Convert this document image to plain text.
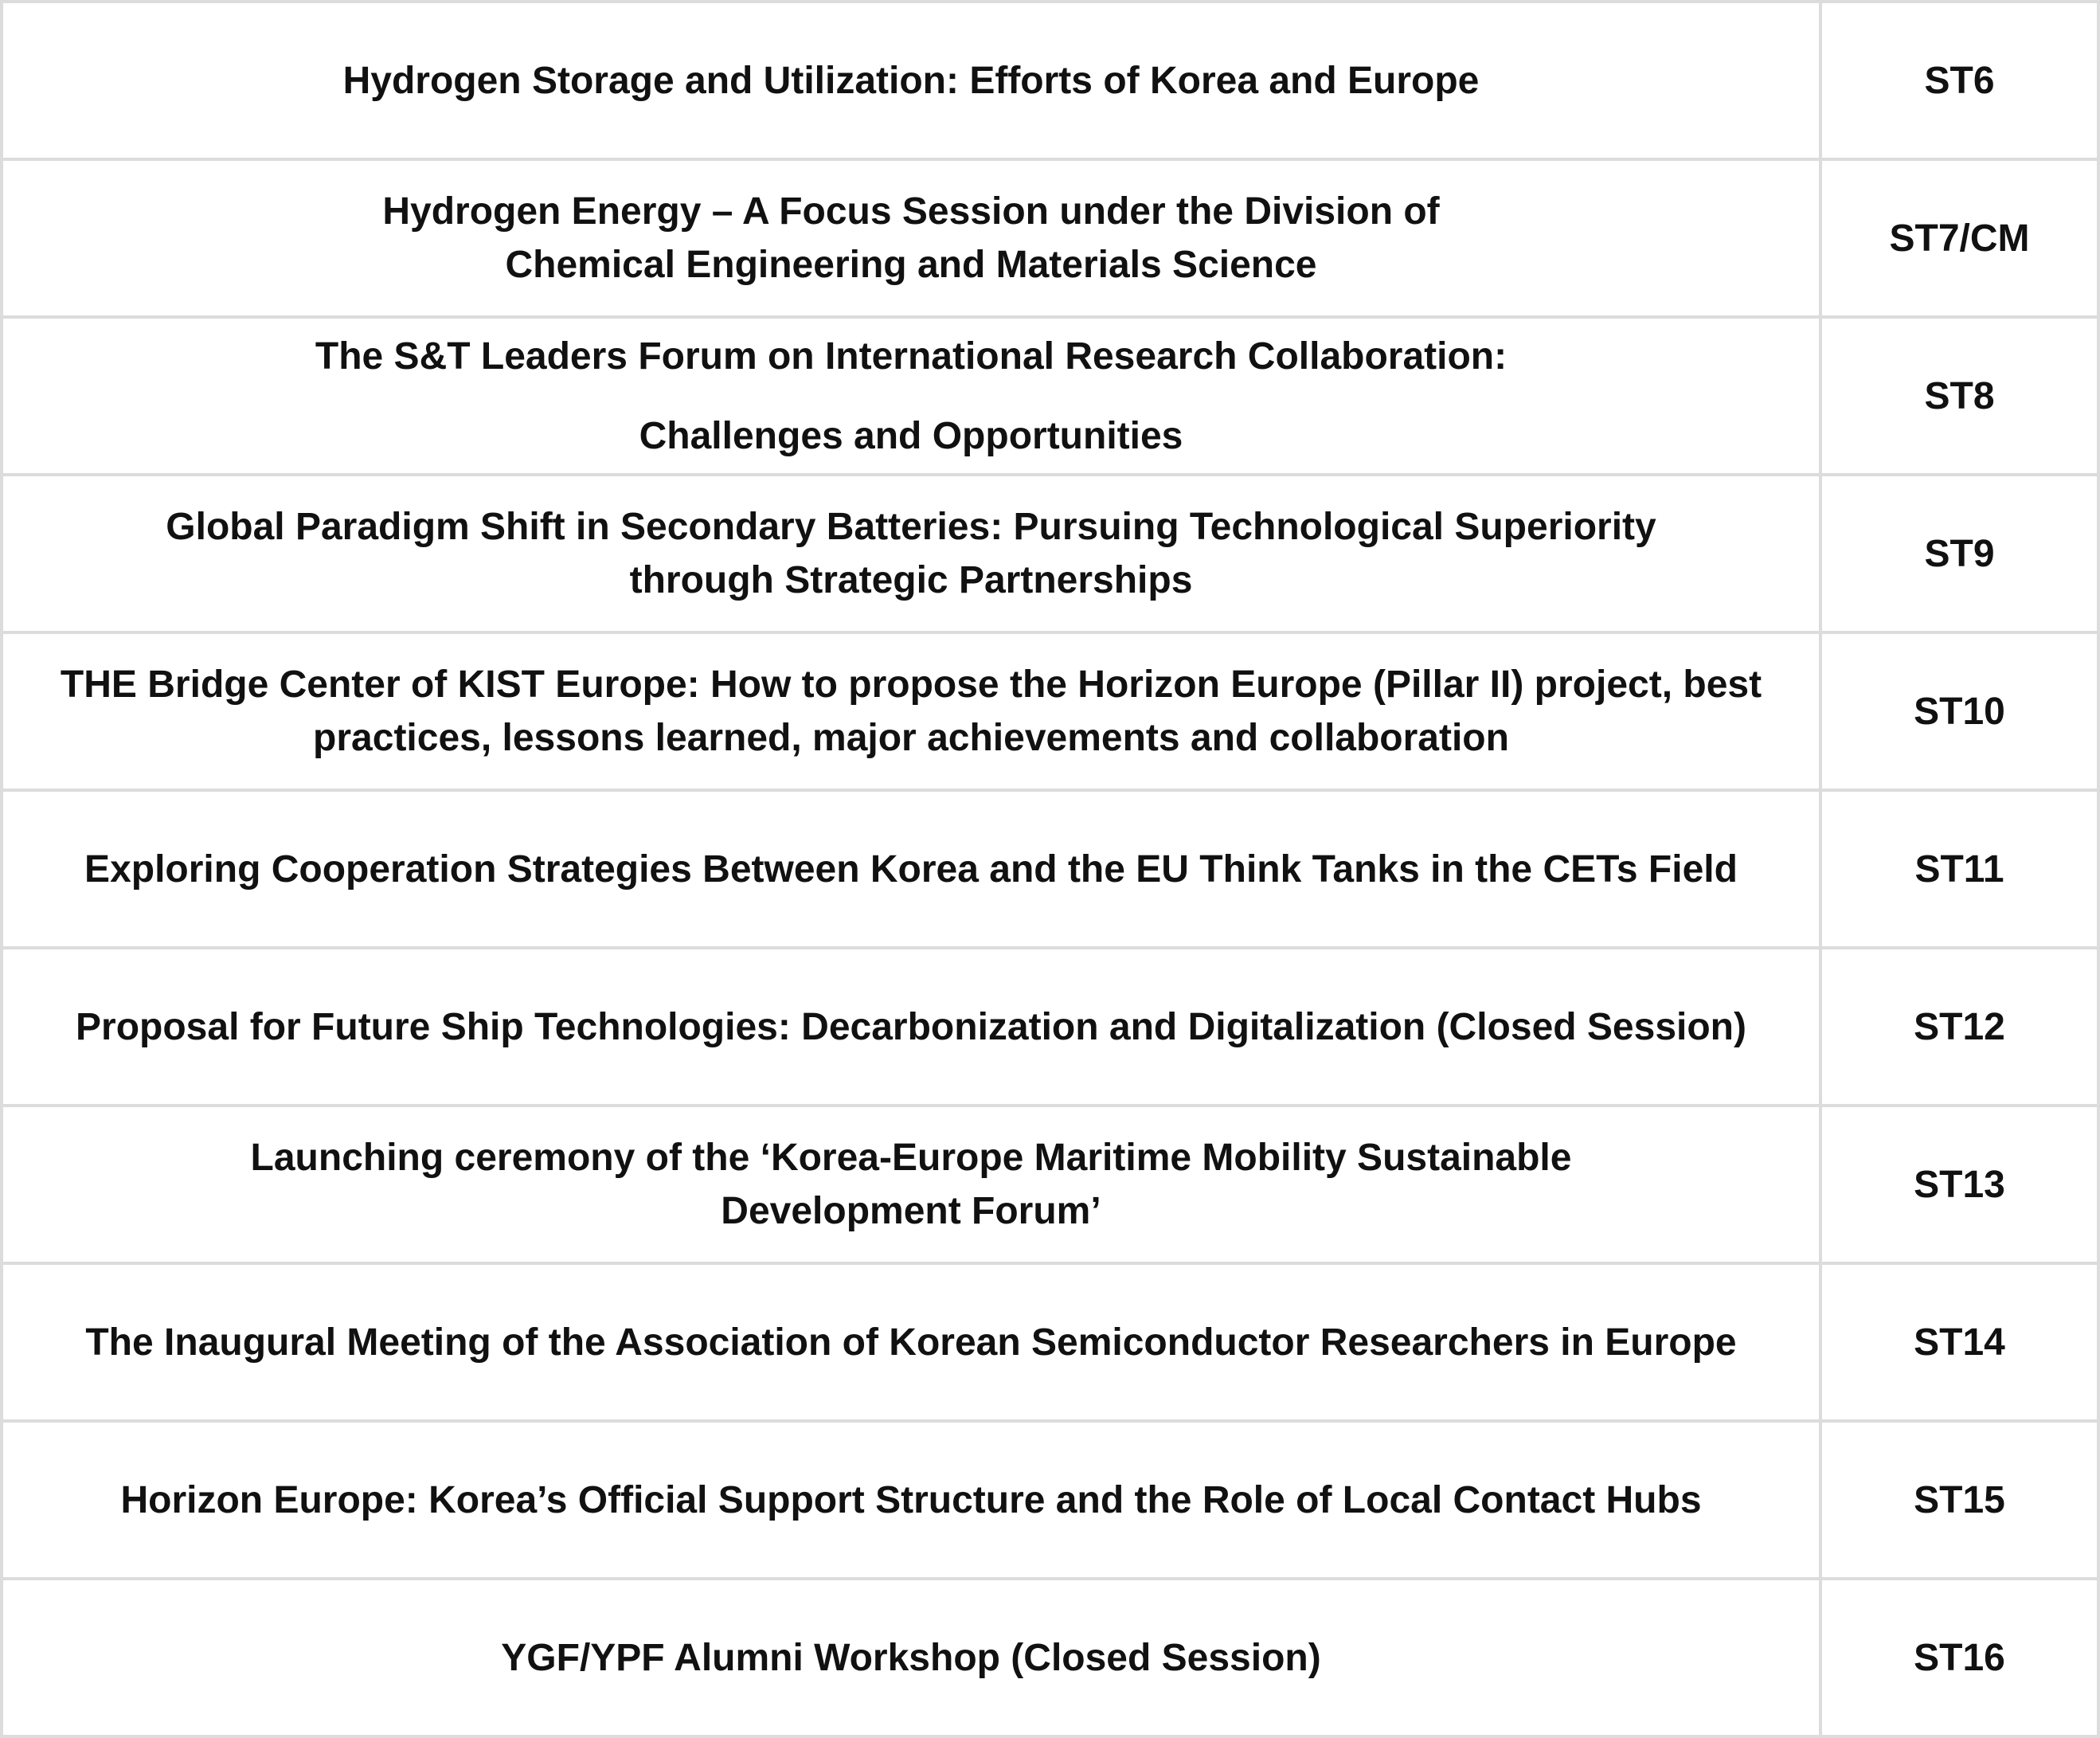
Hydrogen Storage and Utilization: Efforts of Korea and Europe	ST6

Hydrogen Energy – A Focus Session under the Division of
Chemical Engineering and Materials Science	ST7/CM

The S&T Leaders Forum on International Research Collaboration:
Challenges and Opportunities	ST8

Global Paradigm Shift in Secondary Batteries: Pursuing Technological Superiority
through Strategic Partnerships	ST9

THE Bridge Center of KIST Europe: How to propose the Horizon Europe (Pillar II) project, best
practices, lessons learned, major achievements and collaboration	ST10

Exploring Cooperation Strategies Between Korea and the EU Think Tanks in the CETs Field	ST11

Proposal for Future Ship Technologies: Decarbonization and Digitalization (Closed Session)	ST12

Launching ceremony of the ‘Korea-Europe Maritime Mobility Sustainable
Development Forum’	ST13

The Inaugural Meeting of the Association of Korean Semiconductor Researchers in Europe	ST14

Horizon Europe: Korea’s Official Support Structure and the Role of Local Contact Hubs	ST15

YGF/YPF Alumni Workshop (Closed Session)	ST16
